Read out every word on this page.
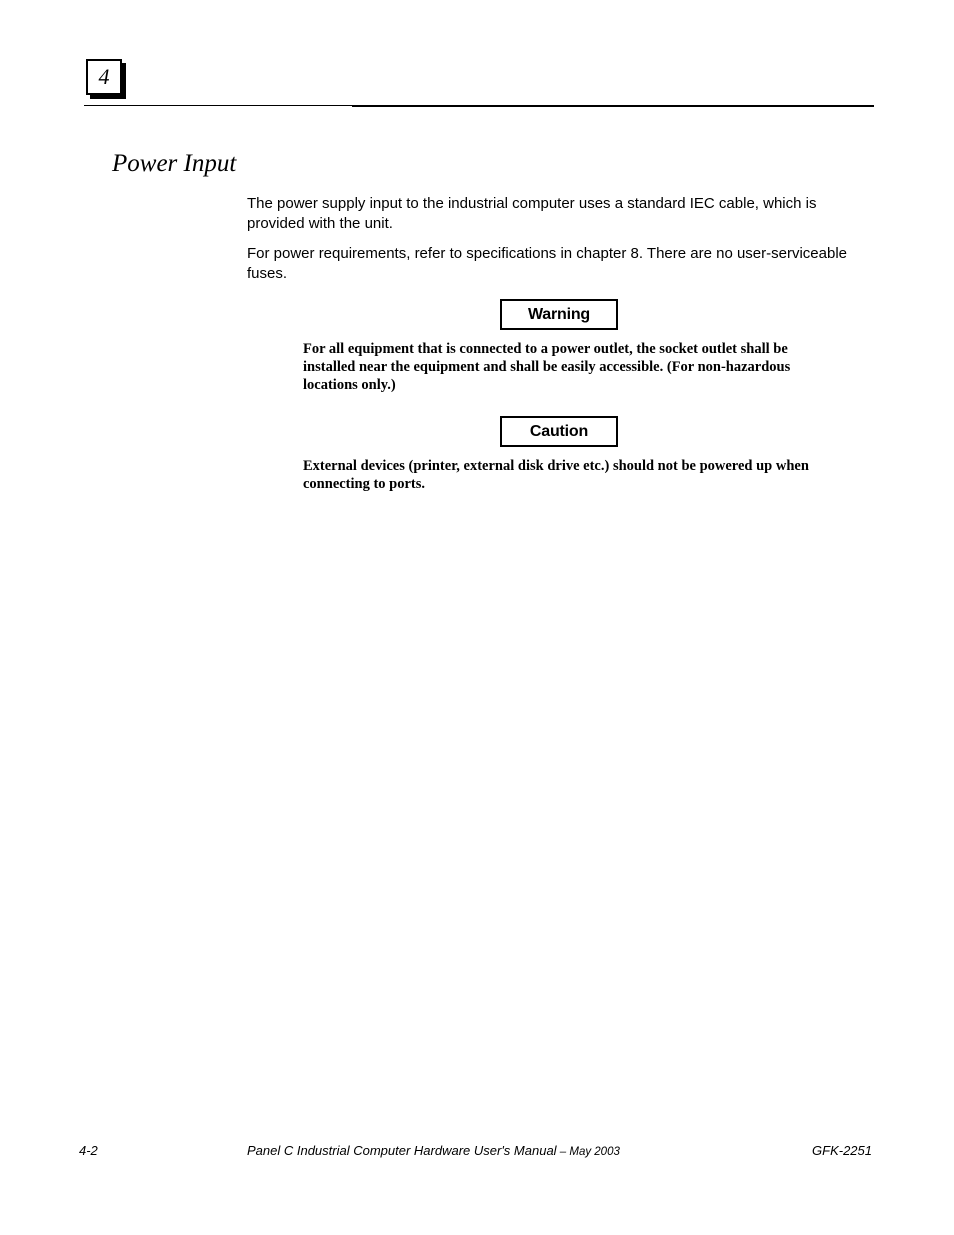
4
Power Input

The power supply input to the industrial computer uses a standard IEC cable, which is provided with the unit.

For power requirements, refer to specifications in chapter 8. There are no user-serviceable fuses.

Warning

For all equipment that is connected to a power outlet, the socket outlet shall be installed near the equipment and shall be easily accessible. (For non-hazardous locations only.)

Caution

External devices (printer, external disk drive etc.) should not be powered up when connecting to ports.

4-2	Panel C Industrial Computer Hardware User's Manual – May 2003	GFK-2251
